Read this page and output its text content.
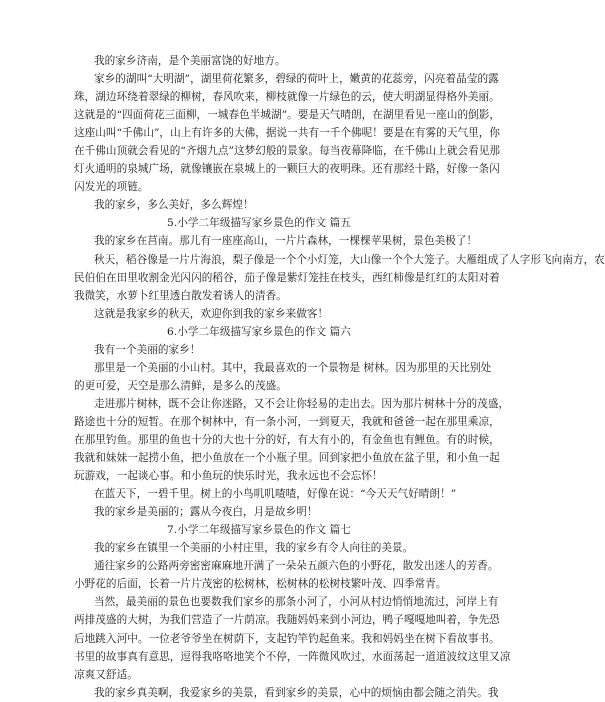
我的家乡济南，是个美丽富饶的好地方。
家乡的湖叫“大明湖”，湖里荷花繁多，碧绿的荷叶上，嫩黄的花蕊旁，闪亮着晶莹的露
珠，湖边环绕着翠绿的柳树，春风吹来，柳枝就像一片绿色的云，使大明湖显得格外美丽。
这就是的“四面荷花三面柳，一城春色半城湖”。要是天气晴朗，在湖里看见一座山的倒影，
这座山叫“千佛山”，山上有许多的大佛，据说一共有一千个佛呢！要是在有雾的天气里，你
在千佛山顶就会看见的“齐烟九点”这梦幻般的景象。每当夜幕降临，在千佛山上就会看见那
灯火通明的泉城广场，就像镶嵌在泉城上的一颗巨大的夜明珠。还有那经十路，好像一条闪
闪发光的项链。
我的家乡，多么美好，多么辉煌！
5.小学二年级描写家乡景色的作文 篇五
我的家乡在莒南。那儿有一座座高山，一片片森林，一棵棵苹果树，景色美极了！
秋天，稻谷像是一片片海浪，梨子像是一个个小灯笼，大山像一个个大笼子。大雁组成了人字形飞向南方，农
民伯伯在田里收割金光闪闪的稻谷，茄子像是紫灯笼挂在枝头，西红柿像是红红的太阳对着
我微笑，水萝卜红里透白散发着诱人的清香。
这就是我家乡的秋天，欢迎你到我的家乡来做客！
6.小学二年级描写家乡景色的作文 篇六
我有一个美丽的家乡！
那里是一个美丽的小山村。其中，我最喜欢的一个景物是 树林。因为那里的天比别处
的更可爱，天空是那么清鲜，是多么的茂盛。
走进那片树林，既不会让你迷路，又不会让你轻易的走出去。因为那片树林十分的茂盛，
路途也十分的短暂。在那个树林中，有一条小河，一到夏天，我就和爸爸一起在那里乘凉，
在那里钓鱼。那里的鱼也十分的大也十分的好，有大有小的，有金鱼也有鲤鱼。有的时候，
我就和妹妹一起捞小鱼，把小鱼放在一个小瓶子里。回到家把小鱼放在盆子里，和小鱼一起
玩游戏，一起谈心事。和小鱼玩的快乐时光，我永远也不会忘怀！
在蓝天下，一碧千里。树上的小鸟叽叽喳喳，好像在说：“今天天气好晴朗！”
我的家乡是美丽的；露从今夜白，月是故乡明！
7.小学二年级描写家乡景色的作文 篇七
我的家乡在镇里一个美丽的小村庄里，我的家乡有令人向往的美景。
通往家乡的公路两旁密密麻麻地开满了一朵朵五颜六色的小野花，散发出迷人的芳香。
小野花的后面，长着一片片茂密的松树林，松树林的松树枝繁叶茂、四季常青。
当然，最美丽的景色也要数我们家乡的那条小河了，小河从村边悄悄地流过，河岸上有
两排茂盛的大树，为我们营造了一片荫凉。我随妈妈来到小河边，鸭子嘎嘎地叫着，争先恐
后地跳入河中。一位老爷爷坐在树荫下，支起钓竿钓起鱼来。我和妈妈坐在树下看故事书。
书里的故事真有意思，逗得我咯咯地笑个不停，一阵微风吹过，水面荡起一道道波纹这里又凉
凉爽又舒适。
我的家乡真美啊，我爱家乡的美景，看到家乡的美景，心中的烦恼由都会随之消失。我
